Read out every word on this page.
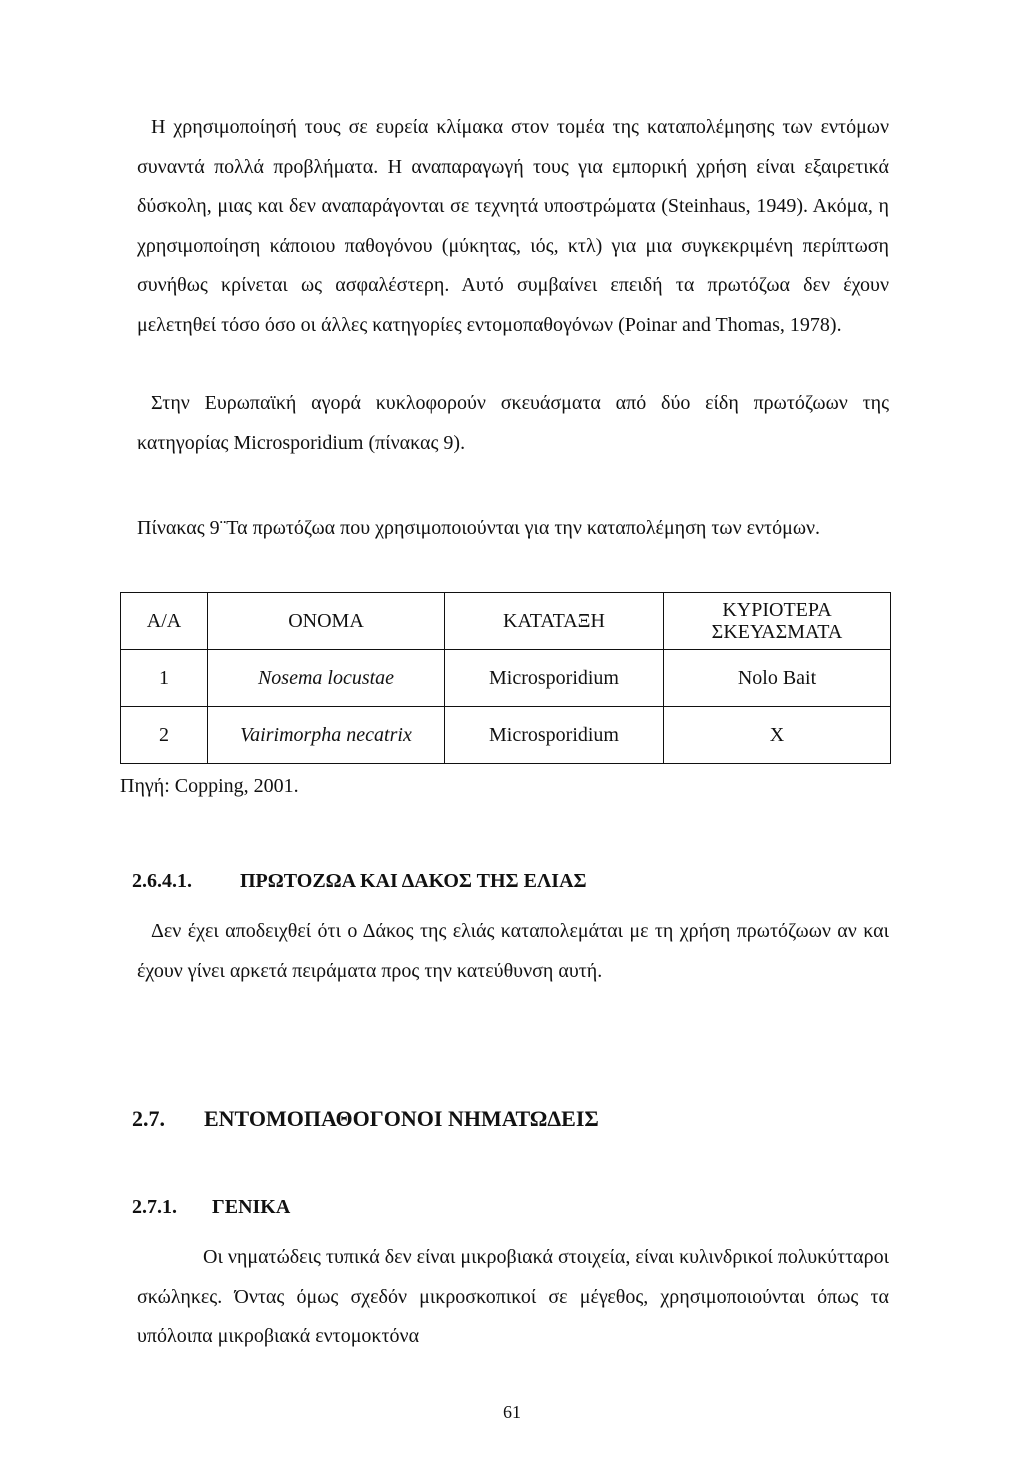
Η χρησιμοποίησή τους σε ευρεία κλίμακα στον τομέα της καταπολέμησης των εντόμων συναντά πολλά προβλήματα. Η αναπαραγωγή τους για εμπορική χρήση είναι εξαιρετικά δύσκολη, μιας και δεν αναπαράγονται σε τεχνητά υποστρώματα (Steinhaus, 1949). Ακόμα, η χρησιμοποίηση κάποιου παθογόνου (μύκητας, ιός, κτλ) για μια συγκεκριμένη περίπτωση συνήθως κρίνεται ως ασφαλέστερη. Αυτό συμβαίνει επειδή τα πρωτόζωα δεν έχουν μελετηθεί τόσο όσο οι άλλες κατηγορίες εντομοπαθογόνων (Poinar and Thomas, 1978).

Στην Ευρωπαϊκή αγορά κυκλοφορούν σκευάσματα από δύο είδη πρωτόζωων της κατηγορίας Microsporidium (πίνακας 9).

Πίνακας 9¨Τα πρωτόζωα που χρησιμοποιούνται για την καταπολέμηση των εντόμων.

Α/Α	ΟΝΟΜΑ	ΚΑΤΑΤΑΞΗ	ΚΥΡΙΟΤΕΡΑ ΣΚΕΥΑΣΜΑΤΑ
1	Nosema locustae	Microsporidium	Nolo Bait
2	Vairimorpha necatrix	Microsporidium	X

Πηγή: Copping, 2001.

2.6.4.1. ΠΡΩΤΟΖΩΑ ΚΑΙ ΔΑΚΟΣ ΤΗΣ ΕΛΙΑΣ

Δεν έχει αποδειχθεί ότι ο Δάκος της ελιάς καταπολεμάται με τη χρήση πρωτόζωων αν και έχουν γίνει αρκετά πειράματα προς την κατεύθυνση αυτή.

2.7. ΕΝΤΟΜΟΠΑΘΟΓΟΝΟΙ ΝΗΜΑΤΩΔΕΙΣ
2.7.1. ΓΕΝΙΚΑ

Οι νηματώδεις τυπικά δεν είναι μικροβιακά στοιχεία, είναι κυλινδρικοί πολυκύτταροι σκώληκες. Όντας όμως σχεδόν μικροσκοπικοί σε μέγεθος, χρησιμοποιούνται όπως τα υπόλοιπα μικροβιακά εντομοκτόνα

61
